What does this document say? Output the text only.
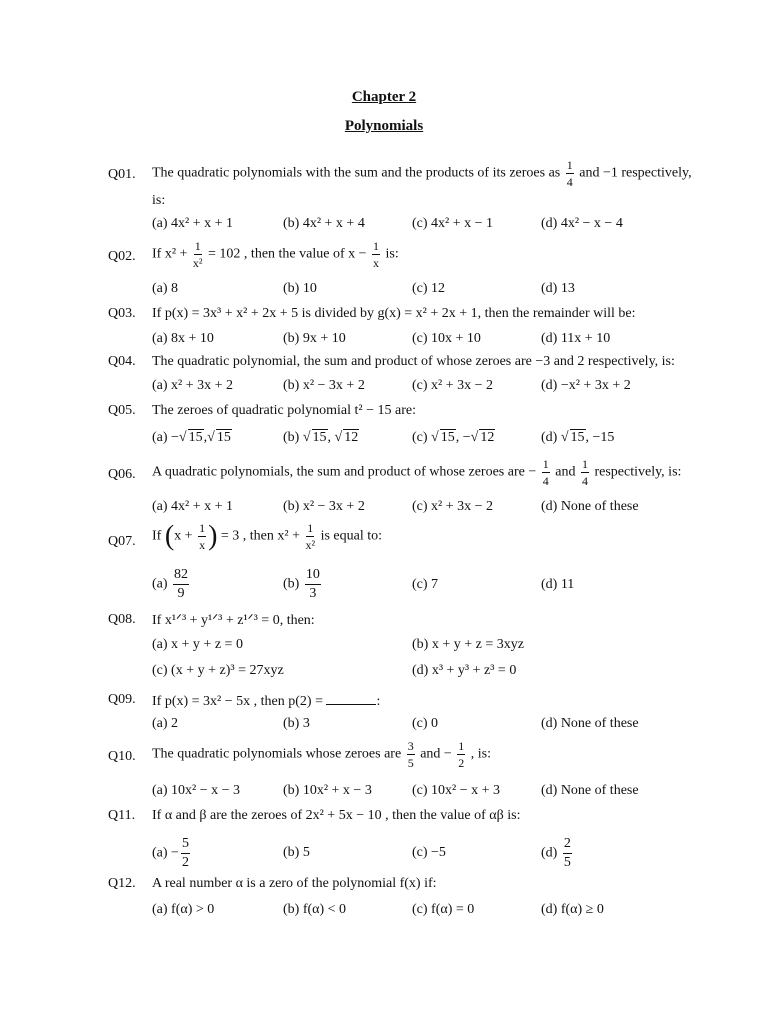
Chapter 2
Polynomials
Q01. The quadratic polynomials with the sum and the products of its zeroes as $\frac{1}{4}$ and −1 respectively,
is:
(a) 4x² + x + 1	(b) 4x² + x + 4	(c) 4x² + x − 1	(d) 4x² − x − 4
Q02. If $x^2 + \frac{1}{\text{x²}} = 102$ , then the value of $x - \frac{1}{x}$ is:
(a) 8	(b) 10	(c) 12	(d) 13
Q03. If p(x) = 3x³ + x² + 2x + 5 is divided by g(x) = x² + 2x + 1, then the remainder will be:
(a) 8x + 10	(b) 9x + 10	(c) 10x + 10	(d) 11x + 10
Q04. The quadratic polynomial, the sum and product of whose zeroes are −3 and 2 respectively, is:
(a) x² + 3x + 2	(b) x² − 3x + 2	(c) x² + 3x − 2	(d) −x² + 3x + 2
Q05. The zeroes of quadratic polynomial t² − 15 are:
(a) −√ 15,√ 15	(b) √ 15, √ 12	(c) √ 15, −√ 12	(d) √ 15, −15
Q06. A quadratic polynomials, the sum and product of whose zeroes are − $\frac{1}{4}$ and $\frac{1}{4}$ respectively, is:
(a) 4x² + x + 1	(b) x² − 3x + 2	(c) x² + 3x − 2	(d) None of these
Q07. If ($x + \frac{1}{x}$ ) = 3 , then $x^2 + \frac{1}{\text{x²}}$ is equal to:
$(a) \frac{82}{9}$	$(b) \frac{10}{3}$	(c) 7	(d) 11
Q08. If x¹ᐟ³ + y¹ᐟ³ + z¹ᐟ³ = 0, then:
(a) x + y + z = 0	(b) x + y + z = 3xyz
(c) (x + y + z)³ = 27xyz	(d) x³ + y³ + z³ = 0
Q09. If p(x) = 3x² − 5x , then p(2) =	:
(a) 2	(b) 3	(c) 0	(d) None of these
Q10. The quadratic polynomials whose zeroes are $\frac{3}{5}$ and − $\frac{1}{2}$ , is:
(a) 10x² − x − 3	(b) 10x² + x − 3	(c) 10x² − x + 3	(d) None of these
Q11. If α and β are the zeroes of 2x² + 5x − 10 , then the value of αβ is:
$(a) - \frac{5}{2}$	(b) 5	(c) −5	$(d) \frac{2}{5}$
Q12. A real number α is a zero of the polynomial f(x) if:
(a) f(α) > 0	(b) f(α) < 0	(c) f(α) = 0	(d) f(α) ≥ 0
